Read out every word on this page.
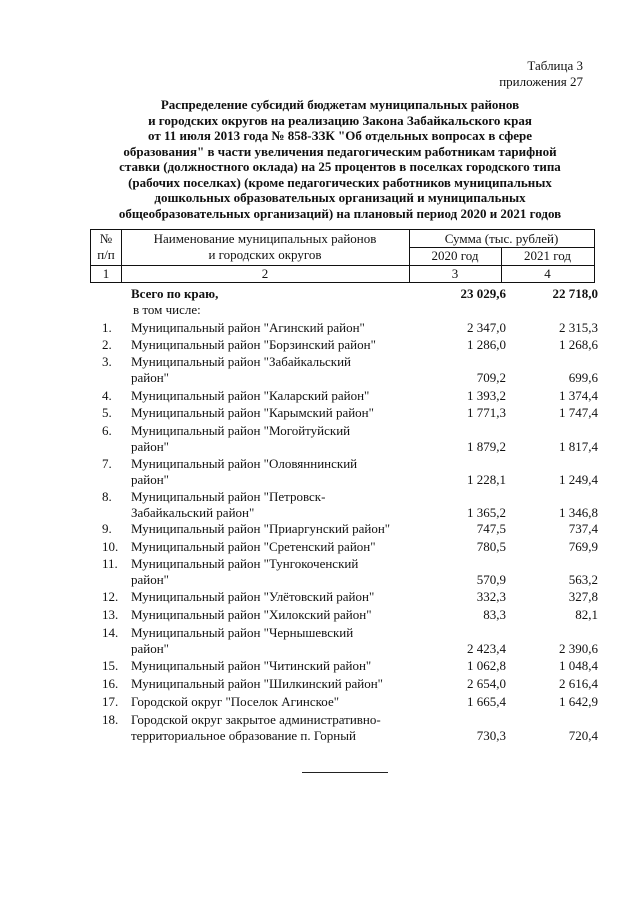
Таблица 3
приложения 27
Распределение субсидий бюджетам муниципальных районов
и городских округов на реализацию Закона Забайкальского края
от 11 июля 2013 года № 858-ЗЗК "Об отдельных вопросах в сфере
образования" в части увеличения педагогическим работникам тарифной
ставки (должностного оклада) на 25 процентов в поселках городского типа
(рабочих поселках) (кроме педагогических работников муниципальных
дошкольных образовательных организаций и муниципальных
общеобразовательных организаций) на плановый период 2020 и 2021 годов
№
п/п
Наименование муниципальных районов
и городских округов
Сумма (тыс. рублей)
2020 год	2021 год
1	2	3	4
Всего по краю,
в том числе:
23 029,6	22 718,0
1.	Муниципальный район "Агинский район"	2 347,0	2 315,3
2.	Муниципальный район "Борзинский район"	1 286,0	1 268,6
3.	Муниципальный район "Забайкальский
709,2	699,6
район"
4.	Муниципальный район "Каларский район"	1 393,2	1 374,4
5.	Муниципальный район "Карымский район"	1 771,3	1 747,4
6.	Муниципальный район "Могойтуйский
1 879,2	1 817,4
район"
7.	Муниципальный район "Оловяннинский
1 228,1	1 249,4
район"
8.	Муниципальный район "Петровск-
1 365,2	1 346,8
Забайкальский район"
9.	Муниципальный район "Приаргунский район"	747,5	737,4
10. Муниципальный район "Сретенский район"	780,5	769,9
11.	Муниципальный район "Тунгокоченский
570,9	563,2
район"
12. Муниципальный район "Улётовский район"	332,3	327,8
13. Муниципальный район "Хилокский район"	83,3	82,1
14. Муниципальный район "Чернышевский
2 423,4	2 390,6
район"
15. Муниципальный район "Читинский район"	1 062,8	1 048,4
16. Муниципальный район "Шилкинский район"	2 654,0	2 616,4
17. Городской округ "Поселок Агинское"	1 665,4	1 642,9
18. Городской округ закрытое административно-
730,3	720,4
территориальное образование п. Горный
